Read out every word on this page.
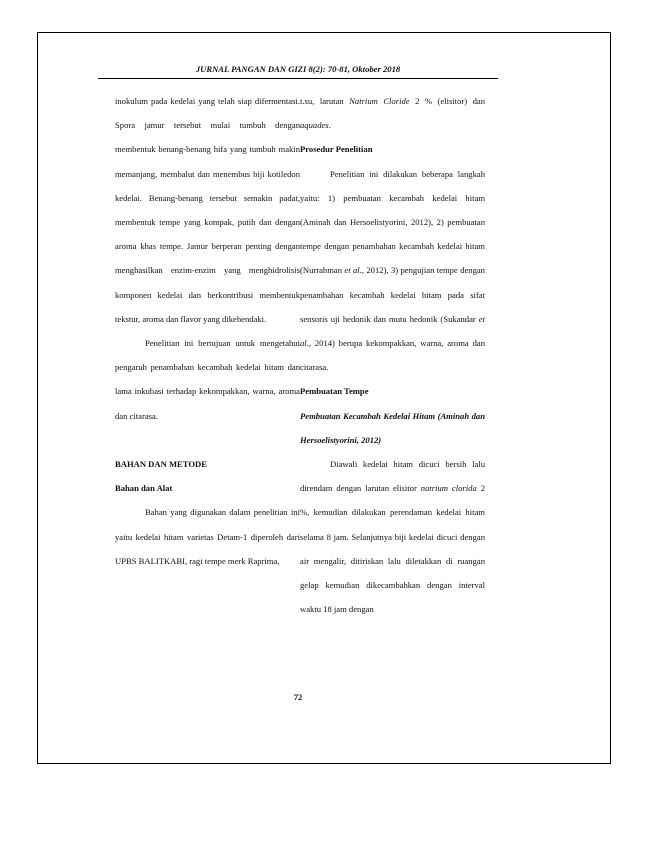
JURNAL PANGAN DAN GIZI 8(2): 70-81, Oktober 2018

inokulum pada kedelai yang telah siap difermentasi. Spora jamur tersebut mulai tumbuh dengan membentuk benang-benang hifa yang tumbuh makin memanjang, membalut dan menembus biji kotiledon kedelai. Benang-benang tersebut semakin padat, membentuk tempe yang kompak, putih dan dengan aroma khas tempe. Jamur berperan penting dengan menghasilkan enzim-enzim yang menghidrolisis komponen kedelai dan berkontribusi membentuk tekstur, aroma dan flavor yang dikehendaki.

Penelitian ini bertujuan untuk mengetahui pengaruh penambahan kecambah kedelai hitam dan lama inkubasi terhadap kekompakkan, warna, aroma dan citarasa.

BAHAN DAN METODE

Bahan dan Alat

Bahan yang digunakan dalam penelitian ini yaitu kedelai hitam varietas Detam-1 diperoleh dari UPBS BALITKABI, ragi tempe merk Raprima,

t.su, larutan Natrium Cloride 2 % (elisitor) dan aquades.

Prosedur Penelitian

Penelitian ini dilakukan beberapa langkah yaitu: 1) pembuatan kecambah kedelai hitam (Aminah dan Hersoelistyorini, 2012), 2) pembuatan tempe dengan penambahan kecambah kedelai hitam (Nurrahman et al., 2012), 3) pengujian tempe dengan penambahan kecambah kedelai hitam pada sifat sensoris uji hedonik dan mutu hedonik (Sukandar et al., 2014) berupa kekompakkan, warna, aroma dan citarasa.

Pembuatan Tempe

Pembuatan Kecambah Kedelai Hitam (Aminah dan Hersoelistyorini, 2012)

Diawali kedelai hitam dicuci bersih lalu direndam dengan larutan elisitor natrium clorida 2 %, kemudian dilakukan perendaman kedelai hitam selama 8 jam. Selanjutnya biji kedelai dicuci dengan air mengalir, ditiriskan lalu diletakkan di ruangan gelap kemudian dikecambahkan dengan interval waktu 18 jam dengan

72
